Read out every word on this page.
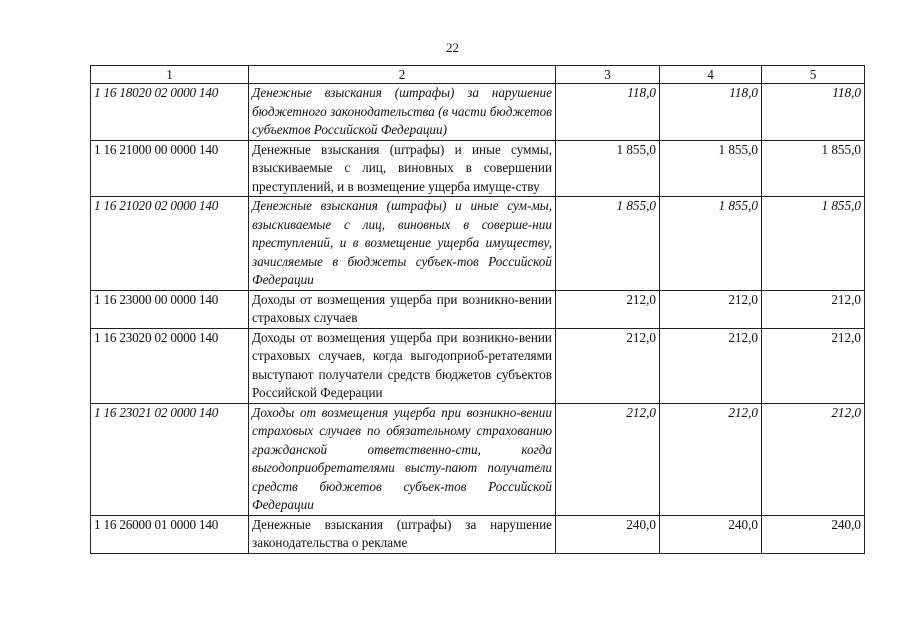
22
1	2	3	4	5
1 16 18020 02 0000 140	Денежные взыскания (штрафы) за нарушение бюджетного законодательства (в части бюджетов субъектов Российской Федерации)	118,0	118,0	118,0
1 16 21000 00 0000 140	Денежные взыскания (штрафы) и иные суммы, взыскиваемые с лиц, виновных в совершении преступлений, и в возмещение ущерба имуще-ству	1 855,0	1 855,0	1 855,0
1 16 21020 02 0000 140	Денежные взыскания (штрафы) и иные сум-мы, взыскиваемые с лиц, виновных в соверше-нии преступлений, и в возмещение ущерба имуществу, зачисляемые в бюджеты субъек-тов Российской Федерации	1 855,0	1 855,0	1 855,0
1 16 23000 00 0000 140	Доходы от возмещения ущерба при возникно-вении страховых случаев	212,0	212,0	212,0
1 16 23020 02 0000 140	Доходы от возмещения ущерба при возникно-вении страховых случаев, когда выгодоприоб-ретателями выступают получатели средств бюджетов субъектов Российской Федерации	212,0	212,0	212,0
1 16 23021 02 0000 140	Доходы от возмещения ущерба при возникно-вении страховых случаев по обязательному страхованию гражданской ответственно-сти, когда выгодоприобретателями высту-пают получатели средств бюджетов субъек-тов Российской Федерации	212,0	212,0	212,0
1 16 26000 01 0000 140	Денежные взыскания (штрафы) за нарушение законодательства о рекламе	240,0	240,0	240,0
